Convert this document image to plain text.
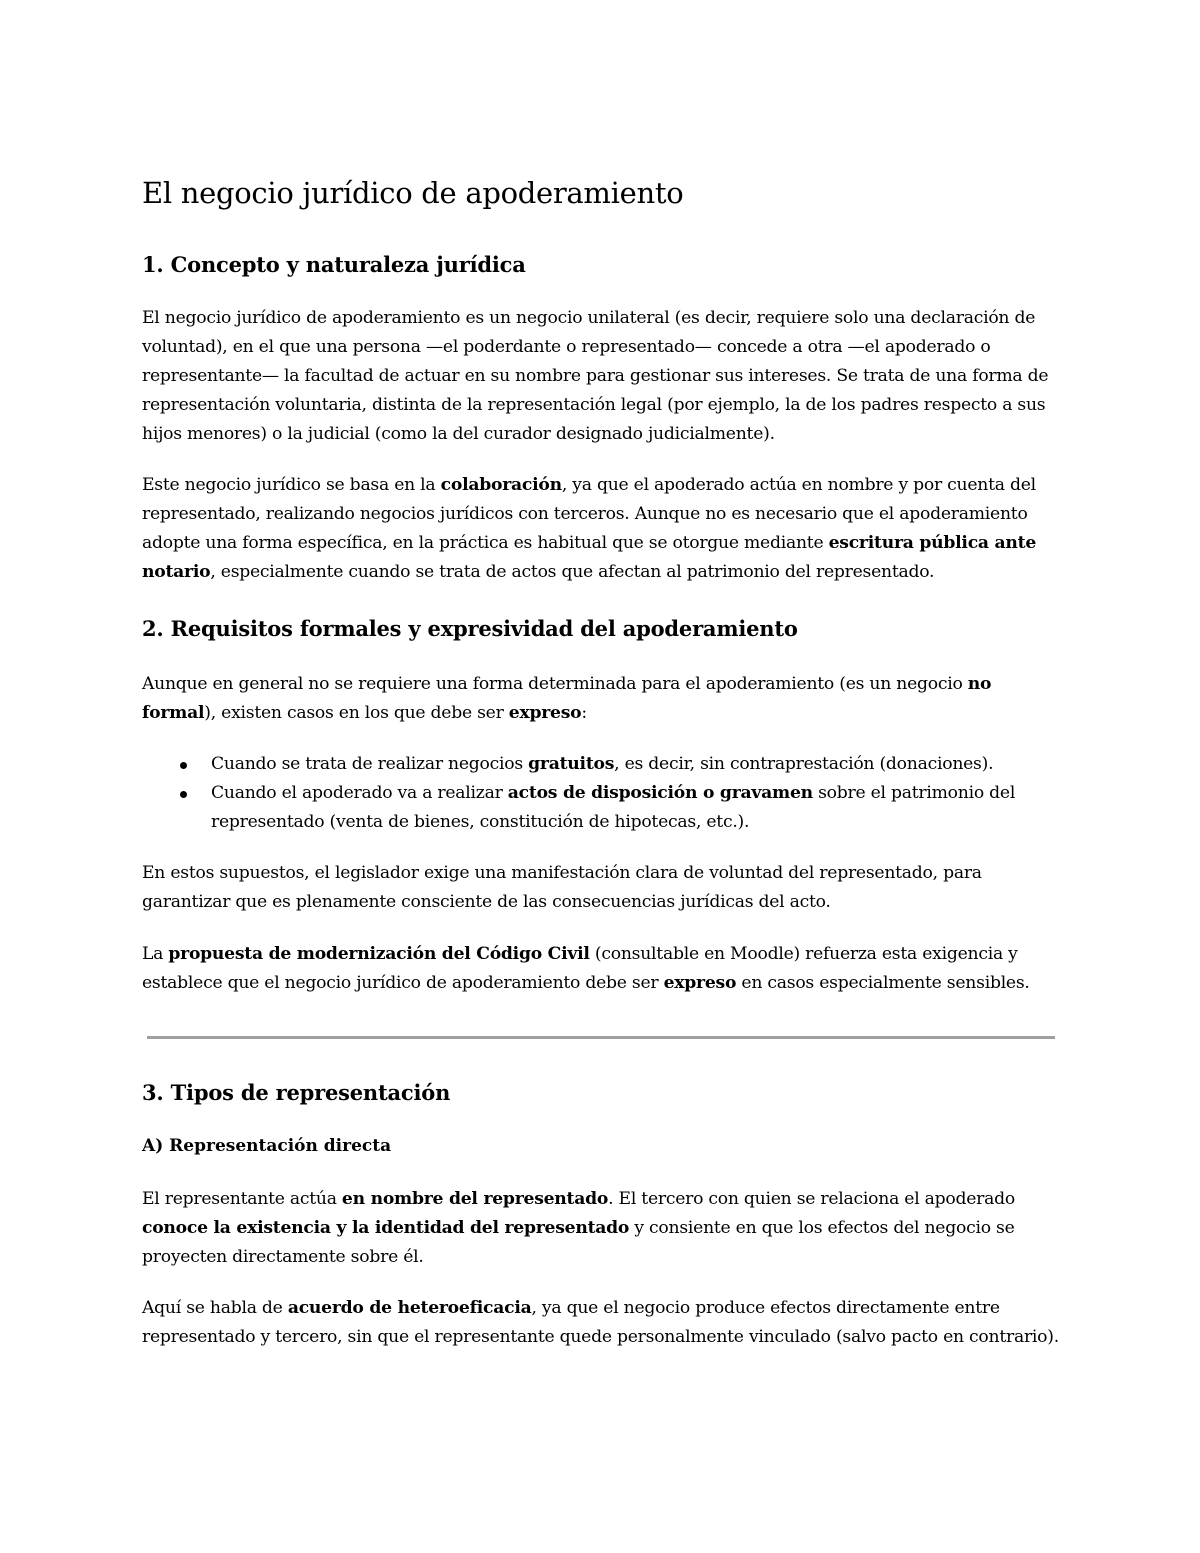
El negocio jurídico de apoderamiento
1. Concepto y naturaleza jurídica
El negocio jurídico de apoderamiento es un negocio unilateral (es decir, requiere solo una declaración de
voluntad), en el que una persona —el poderdante o representado— concede a otra —el apoderado o
representante— la facultad de actuar en su nombre para gestionar sus intereses. Se trata de una forma de
representación voluntaria, distinta de la representación legal (por ejemplo, la de los padres respecto a sus
hijos menores) o la judicial (como la del curador designado judicialmente).
Este negocio jurídico se basa en la colaboración, ya que el apoderado actúa en nombre y por cuenta del
representado, realizando negocios jurídicos con terceros. Aunque no es necesario que el apoderamiento
adopte una forma específica, en la práctica es habitual que se otorgue mediante escritura pública ante
notario, especialmente cuando se trata de actos que afectan al patrimonio del representado.
2. Requisitos formales y expresividad del apoderamiento
Aunque en general no se requiere una forma determinada para el apoderamiento (es un negocio no
formal), existen casos en los que debe ser expreso:
Cuando se trata de realizar negocios gratuitos, es decir, sin contraprestación (donaciones).
Cuando el apoderado va a realizar actos de disposición o gravamen sobre el patrimonio del
representado (venta de bienes, constitución de hipotecas, etc.).
En estos supuestos, el legislador exige una manifestación clara de voluntad del representado, para
garantizar que es plenamente consciente de las consecuencias jurídicas del acto.
La propuesta de modernización del Código Civil (consultable en Moodle) refuerza esta exigencia y
establece que el negocio jurídico de apoderamiento debe ser expreso en casos especialmente sensibles.
3. Tipos de representación
A) Representación directa
El representante actúa en nombre del representado. El tercero con quien se relaciona el apoderado
conoce la existencia y la identidad del representado y consiente en que los efectos del negocio se
proyecten directamente sobre él.
Aquí se habla de acuerdo de heteroeficacia, ya que el negocio produce efectos directamente entre
representado y tercero, sin que el representante quede personalmente vinculado (salvo pacto en contrario).
